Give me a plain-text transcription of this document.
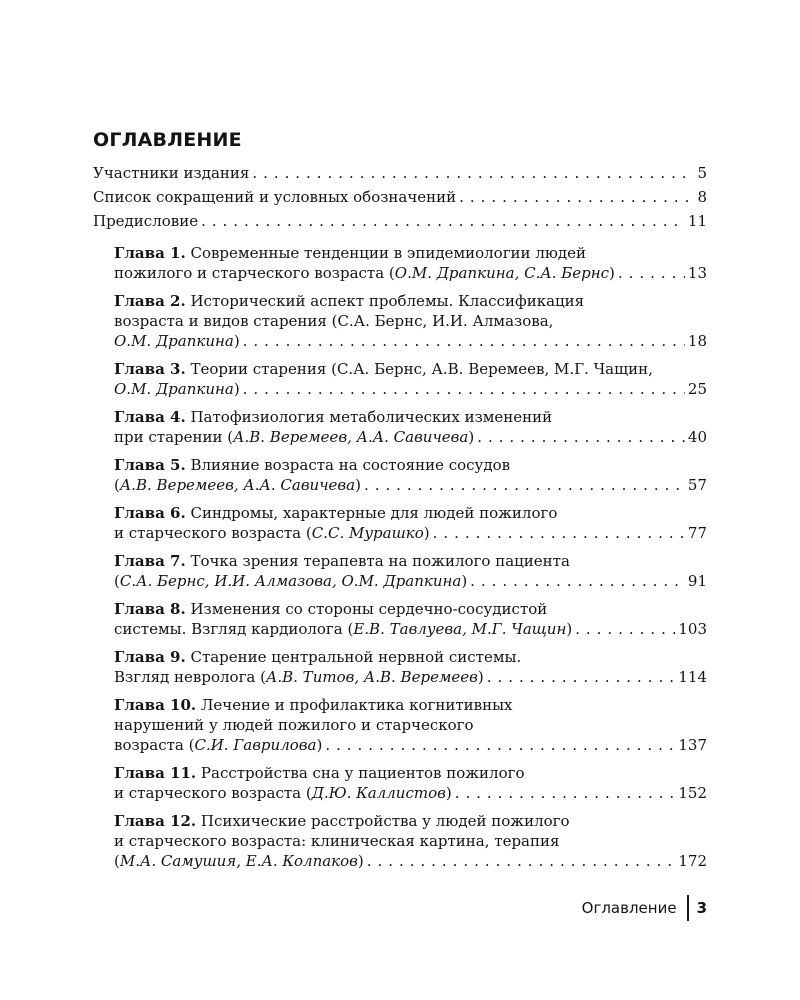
ОГЛАВЛЕНИЕ
Участники издания . . .	5
Список сокращений и условных обозначений . . .	8
Предисловие . . .	11
Глава 1. Современные тенденции в эпидемиологии людей
пожилого и старческого возраста (О.М. Драпкина, С.А. Бернс) . . .	13
Глава 2. Исторический аспект проблемы. Классификация
возраста и видов старения (С.А. Бернс, И.И. Алмазова,
О.М. Драпкина) . . .	18
Глава 3. Теории старения (С.А. Бернс, А.В. Веремеев, М.Г. Чащин,
О.М. Драпкина) . . .	25
Глава 4. Патофизиология метаболических изменений
при старении (А.В. Веремеев, А.А. Савичева) . . .	40
Глава 5. Влияние возраста на состояние сосудов
(А.В. Веремеев, А.А. Савичева) . . .	57
Глава 6. Синдромы, характерные для людей пожилого
и старческого возраста (С.С. Мурашко) . . .	77
Глава 7. Точка зрения терапевта на пожилого пациента
(С.А. Бернс, И.И. Алмазова, О.М. Драпкина) . . .	91
Глава 8. Изменения со стороны сердечно-сосудистой
системы. Взгляд кардиолога (Е.В. Тавлуева, М.Г. Чащин) . . .	103
Глава 9. Старение центральной нервной системы.
Взгляд невролога (А.В. Титов, А.В. Веремеев) . . .	114
Глава 10. Лечение и профилактика когнитивных
нарушений у людей пожилого и старческого
возраста (С.И. Гаврилова) . . .	137
Глава 11. Расстройства сна у пациентов пожилого
и старческого возраста (Д.Ю. Каллистов) . . .	152
Глава 12. Психические расстройства у людей пожилого
и старческого возраста: клиническая картина, терапия
(М.А. Самушия, Е.А. Колпаков) . . .	172
Оглавление 3
